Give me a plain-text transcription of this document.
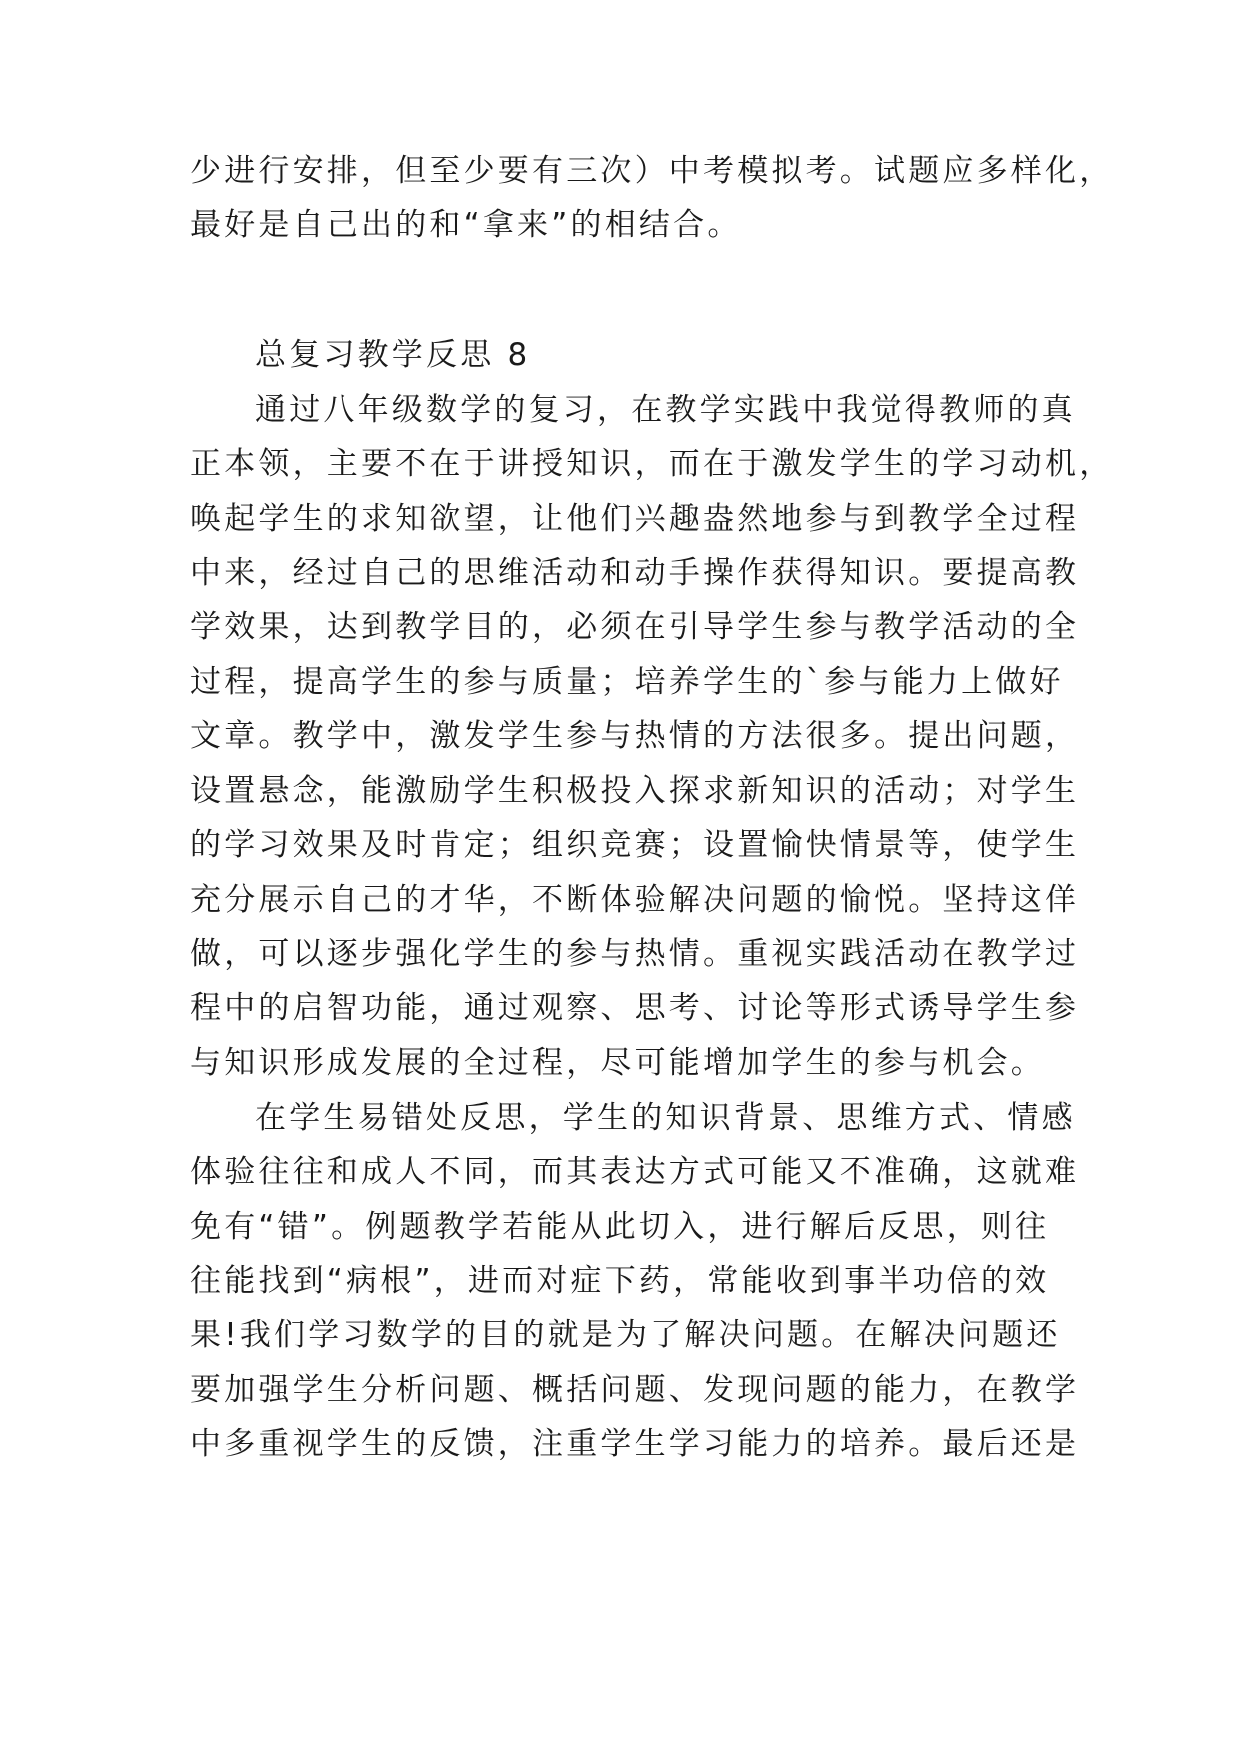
少进行安排，但至少要有三次）中考模拟考。试题应多样化，
最好是自己出的和“拿来”的相结合。
总复习教学反思 8
通过八年级数学的复习，在教学实践中我觉得教师的真
正本领，主要不在于讲授知识，而在于激发学生的学习动机，
唤起学生的求知欲望，让他们兴趣盎然地参与到教学全过程
中来，经过自己的思维活动和动手操作获得知识。要提高教
学效果，达到教学目的，必须在引导学生参与教学活动的全
过程，提高学生的参与质量；培养学生的`参与能力上做好
文章。教学中，激发学生参与热情的方法很多。提出问题，
设置悬念，能激励学生积极投入探求新知识的活动；对学生
的学习效果及时肯定；组织竞赛；设置愉快情景等，使学生
充分展示自己的才华，不断体验解决问题的愉悦。坚持这佯
做，可以逐步强化学生的参与热情。重视实践活动在教学过
程中的启智功能，通过观察、思考、讨论等形式诱导学生参
与知识形成发展的全过程，尽可能增加学生的参与机会。
在学生易错处反思，学生的知识背景、思维方式、情感
体验往往和成人不同，而其表达方式可能又不准确，这就难
免有“错”。例题教学若能从此切入，进行解后反思，则往
往能找到“病根”，进而对症下药，常能收到事半功倍的效
果!我们学习数学的目的就是为了解决问题。在解决问题还
要加强学生分析问题、概括问题、发现问题的能力，在教学
中多重视学生的反馈，注重学生学习能力的培养。最后还是
